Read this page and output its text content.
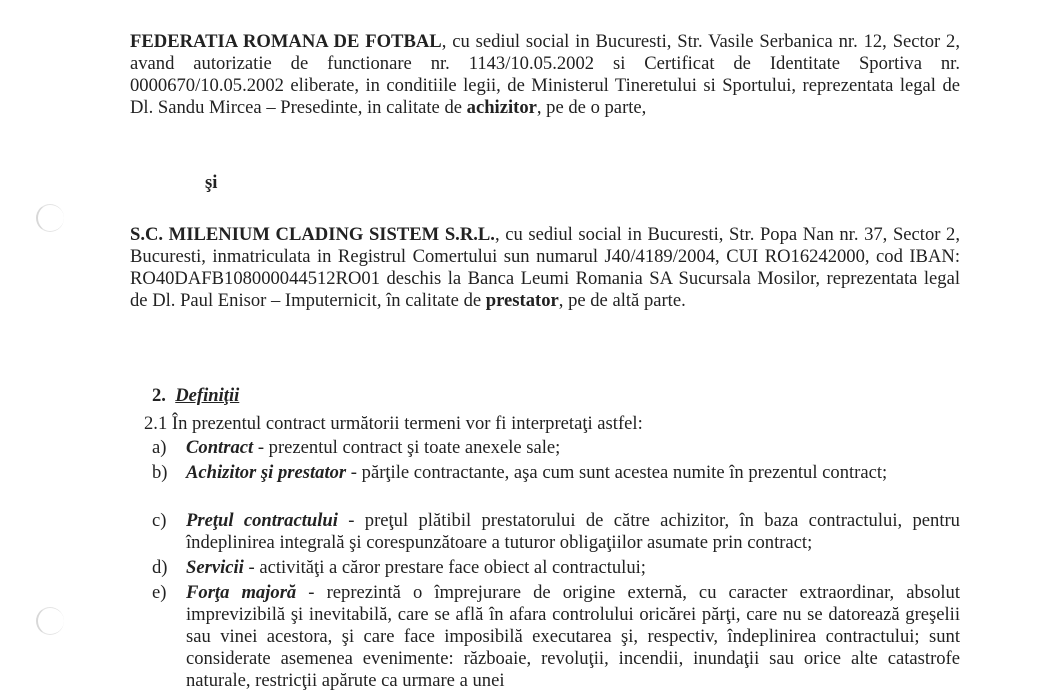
FEDERATIA ROMANA DE FOTBAL, cu sediul social in Bucuresti, Str. Vasile Serbanica nr. 12, Sector 2, avand autorizatie de functionare nr. 1143/10.05.2002 si Certificat de Identitate Sportiva nr. 0000670/10.05.2002 eliberate, in conditiile legii, de Ministerul Tineretului si Sportului, reprezentata legal de Dl. Sandu Mircea – Presedinte, in calitate de achizitor, pe de o parte,

şi

S.C. MILENIUM CLADING SISTEM S.R.L., cu sediul social in Bucuresti, Str. Popa Nan nr. 37, Sector 2, Bucuresti, inmatriculata in Registrul Comertului sun numarul J40/4189/2004, CUI RO16242000, cod IBAN: RO40DAFB108000044512RO01 deschis la Banca Leumi Romania SA Sucursala Mosilor, reprezentata legal de Dl. Paul Enisor – Imputernicit, în calitate de prestator, pe de altă parte.

2. Definiţii

2.1 În prezentul contract următorii termeni vor fi interpretaţi astfel:

a)	Contract - prezentul contract şi toate anexele sale;
b) Achizitor şi prestator - părţile contractante, aşa cum sunt acestea numite în prezentul contract;
c)	Preţul contractului - preţul plătibil prestatorului de către achizitor, în baza contractului, pentru îndeplinirea integrală şi corespunzătoare a tuturor obligaţiilor asumate prin contract;
d) Servicii - activităţi a căror prestare face obiect al contractului;
e)	Forţa majoră - reprezintă o împrejurare de origine externă, cu caracter extraordinar, absolut imprevizibilă şi inevitabilă, care se află în afara controlului oricărei părţi, care nu se datorează greşelii sau vinei acestora, şi care face imposibilă executarea şi, respectiv, îndeplinirea contractului; sunt considerate asemenea evenimente: războaie, revoluţii, incendii, inundaţii sau orice alte catastrofe naturale, restricţii apărute ca urmare a unei
